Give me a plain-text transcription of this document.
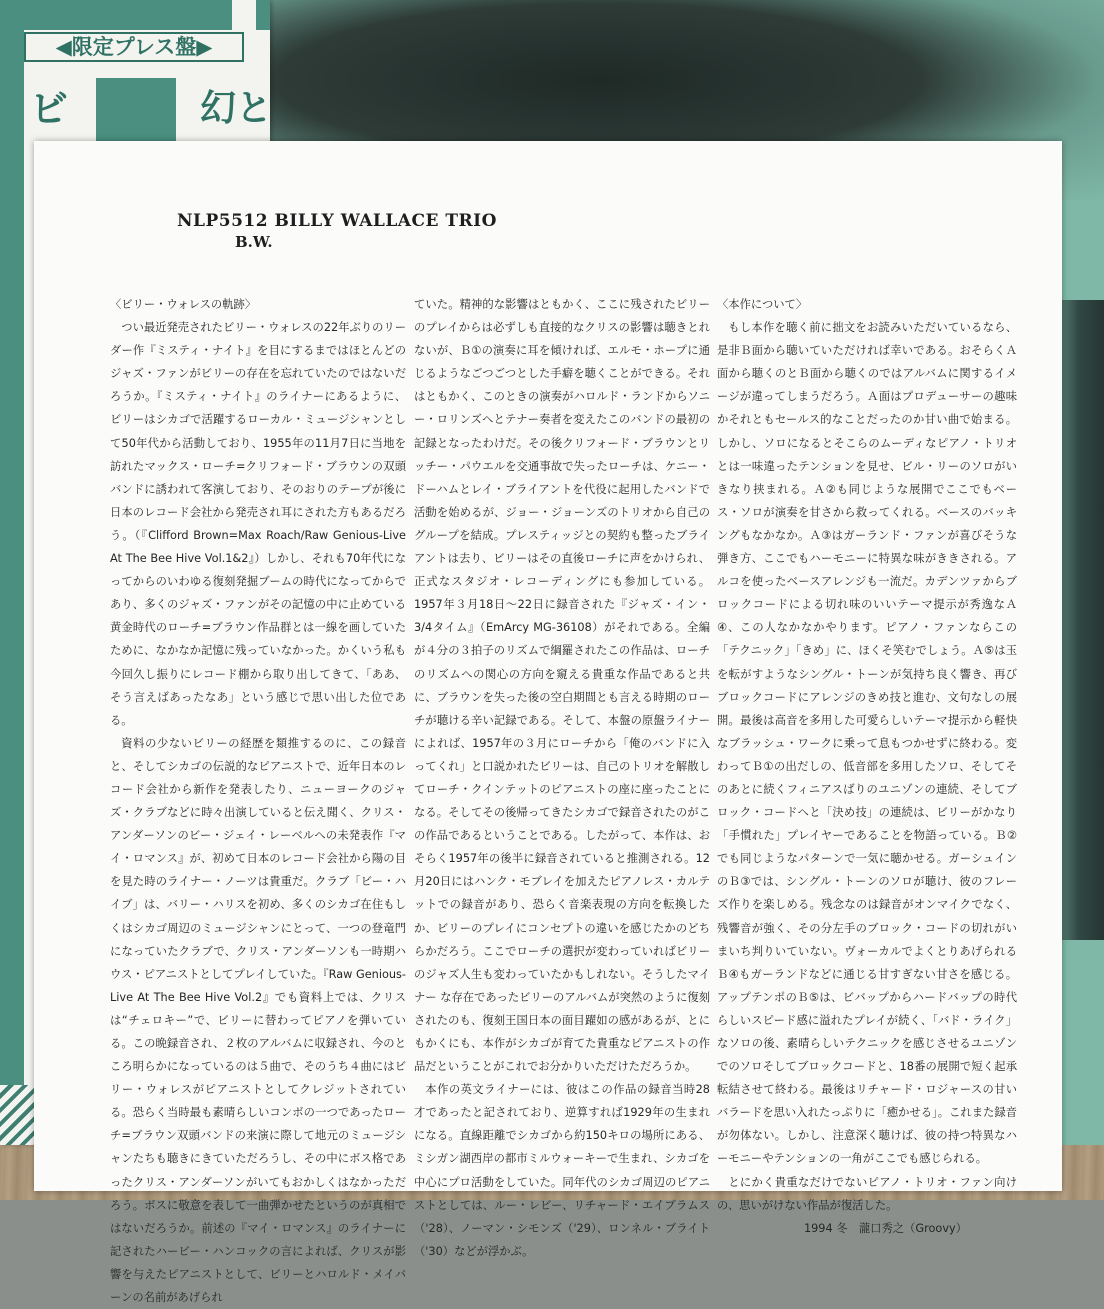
◀限定プレス盤▶
ビ	幻と
NLP5512 BILLY WALLACE TRIO
B.W.

〈ビリー・ウォレスの軌跡〉

つい最近発売されたビリー・ウォレスの22年ぶりのリーダー作『ミスティ・ナイト』を目にするまではほとんどのジャズ・ファンがビリーの存在を忘れていたのではないだろうか。『ミスティ・ナイト』のライナーにあるように、ビリーはシカゴで活躍するローカル・ミュージシャンとして50年代から活動しており、1955年の11月7日に当地を訪れたマックス・ローチ=クリフォード・ブラウンの双頭バンドに誘われて客演しており、そのおりのテープが後に日本のレコード会社から発売され耳にされた方もあるだろう。（『Clifford Brown=Max Roach/Raw Genious-Live At The Bee Hive Vol.1&2』）しかし、それも70年代になってからのいわゆる復刻発掘ブームの時代になってからであり、多くのジャズ・ファンがその記憶の中に止めている黄金時代のローチ=ブラウン作品群とは一線を画していたために、なかなか記憶に残っていなかった。かくいう私も今回久し振りにレコード棚から取り出してきて、「ああ、そう言えばあったなあ」という感じで思い出した位である。

資料の少ないビリーの経歴を類推するのに、この録音と、そしてシカゴの伝説的なピアニストで、近年日本のレコード会社から新作を発表したり、ニューヨークのジャズ・クラブなどに時々出演していると伝え聞く、クリス・アンダーソンのビー・ジェイ・レーベルへの未発表作『マイ・ロマンス』が、初めて日本のレコード会社から陽の目を見た時のライナー・ノーツは貴重だ。クラブ「ビー・ハイブ」は、バリー・ハリスを初め、多くのシカゴ在住もしくはシカゴ周辺のミュージシャンにとって、一つの登竜門になっていたクラブで、クリス・アンダーソンも一時期ハウス・ピアニストとしてプレイしていた。『Raw Genious-Live At The Bee Hive Vol.2』でも資料上では、クリスは“チェロキー”で、ビリーに替わってピアノを弾いている。この晩録音され、２枚のアルバムに収録され、今のところ明らかになっているのは５曲で、そのうち４曲にはビリー・ウォレスがピアニストとしてクレジットされている。恐らく当時最も素晴らしいコンボの一つであったローチ=ブラウン双頭バンドの来演に際して地元のミュージシャンたちも聴きにきていただろうし、その中にボス格であったクリス・アンダーソンがいてもおかしくはなかっただろう。ボスに敬意を表して一曲弾かせたというのが真相ではないだろうか。前述の『マイ・ロマンス』のライナーに記されたハービー・ハンコックの言によれば、クリスが影響を与えたピアニストとして、ビリーとハロルド・メイバーンの名前があげられ

ていた。精神的な影響はともかく、ここに残されたビリーのプレイからは必ずしも直接的なクリスの影響は聴きとれないが、Ｂ①の演奏に耳を傾ければ、エルモ・ホープに通じるようなごつごつとした手癖を聴くことができる。それはともかく、このときの演奏がハロルド・ランドからソニー・ロリンズへとテナー奏者を変えたこのバンドの最初の記録となったわけだ。その後クリフォード・ブラウンとリッチー・パウエルを交通事故で失ったローチは、ケニー・ドーハムとレイ・ブライアントを代役に起用したバンドで活動を始めるが、ジョー・ジョーンズのトリオから自己のグループを結成。プレスティッジとの契約も整ったブライアントは去り、ビリーはその直後ローチに声をかけられ、正式なスタジオ・レコーディングにも参加している。1957年３月18日〜22日に録音された『ジャズ・イン・3/4タイム』（EmArcy MG-36108）がそれである。全編が４分の３拍子のリズムで綱羅されたこの作品は、ローチのリズムへの関心の方向を窺える貴重な作品であると共に、ブラウンを失った後の空白期間とも言える時期のローチが聴ける辛い記録である。そして、本盤の原盤ライナーによれば、1957年の３月にローチから「俺のバンドに入ってくれ」と口説かれたビリーは、自己のトリオを解散してローチ・クインテットのピアニストの座に座ったことになる。そしてその後帰ってきたシカゴで録音されたのがこの作品であるということである。したがって、本作は、おそらく1957年の後半に録音されていると推測される。12月20日にはハンク・モブレイを加えたピアノレス・カルテットでの録音があり、恐らく音楽表現の方向を転換したか、ビリーのプレイにコンセプトの違いを感じたかのどちらかだろう。ここでローチの選択が変わっていればビリーのジャズ人生も変わっていたかもしれない。そうしたマイナー な存在であったビリーのアルバムが突然のように復刻されたのも、復刻王国日本の面目躍如の感があるが、とにもかくにも、本作がシカゴが育てた貴重なピアニストの作品だということがこれでお分かりいただけただろうか。

本作の英文ライナーには、彼はこの作品の録音当時28才であったと記されており、逆算すれば1929年の生まれになる。直線距離でシカゴから約150キロの場所にある、ミシガン湖西岸の都市ミルウォーキーで生まれ、シカゴを中心にプロ活動をしていた。同年代のシカゴ周辺のピアニストとしては、ルー・レビー、リチャード・エイブラムス（'28）、ノーマン・シモンズ（'29）、ロンネル・ブライト（'30）などが浮かぶ。

〈本作について〉

もし本作を聴く前に拙文をお読みいただいているなら、是非Ｂ面から聴いていただければ幸いである。おそらくＡ面から聴くのとＢ面から聴くのではアルバムに関するイメージが違ってしまうだろう。Ａ面はプロデューサーの趣味かそれともセールス的なことだったのか甘い曲で始まる。しかし、ソロになるとそこらのムーディなピアノ・トリオとは一味違ったテンションを見せ、ビル・リーのソロがいきなり挟まれる。Ａ②も同じような展開でここでもベース・ソロが演奏を甘さから救ってくれる。ベースのバッキングもなかなか。Ａ③はガーランド・ファンが喜びそうな弾き方、ここでもハーモニーに特異な味がききされる。アルコを使ったベースアレンジも一流だ。カデンツァからブロックコードによる切れ味のいいテーマ提示が秀逸なＡ④、この人なかなかやります。ピアノ・ファンならこの「テクニック」「きめ」に、ほくそ笑むでしょう。Ａ⑤は玉を転がすようなシングル・トーンが気持ち良く響き、再びブロックコードにアレンジのきめ技と進む、文句なしの展開。最後は高音を多用した可愛らしいテーマ提示から軽快なブラッシュ・ワークに乗って息もつかせずに終わる。変わってＢ①の出だしの、低音部を多用したソロ、そしてそのあとに続くフィニアスばりのユニゾンの連続、そしてブロック・コードへと「決め技」の連続は、ビリーがかなり「手慣れた」プレイヤーであることを物語っている。Ｂ②でも同じようなパターンで一気に聴かせる。ガーシュインのＢ③では、シングル・トーンのソロが聴け、彼のフレーズ作りを楽しめる。残念なのは録音がオンマイクでなく、残響音が強く、その分左手のブロック・コードの切れがいまいち判りいていない。ヴォーカルでよくとりあげられるＢ④もガーランドなどに通じる甘すぎない甘さを感じる。アップテンポのＢ⑤は、ビバップからハードバップの時代らしいスピード感に溢れたプレイが続く、「バド・ライク」なソロの後、素晴らしいテクニックを感じさせるユニゾンでのソロそしてブロックコードと、18番の展開で短く起承転結させて終わる。最後はリチャード・ロジャースの甘いバラードを思い入れたっぷりに「癒かせる」。これまた録音が勿体ない。しかし、注意深く聴けば、彼の持つ特異なハーモニーやテンションの一角がここでも感じられる。

とにかく貴重なだけでないピアノ・トリオ・ファン向けの、思いがけない作品が復活した。

1994 冬　瀧口秀之（Groovy）
